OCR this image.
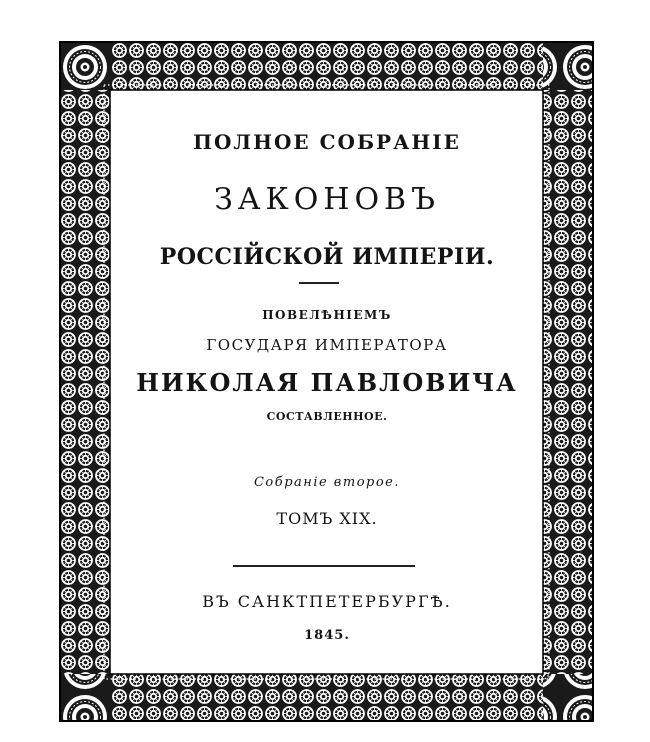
ПОЛНОЕ СОБРАНІЕ
ЗАКОНОВЪ
РОССІЙСКОЙ ИМПЕРІИ.
ПОВЕЛѢНІЕМЪ
ГОСУДАРЯ ИМПЕРАТОРА
НИКОЛАЯ ПАВЛОВИЧА
СОСТАВЛЕННОЕ.
Собраніе второе.
ТОМЪ XIX.
ВЪ САНКТПЕТЕРБУРГѢ.
1845.
